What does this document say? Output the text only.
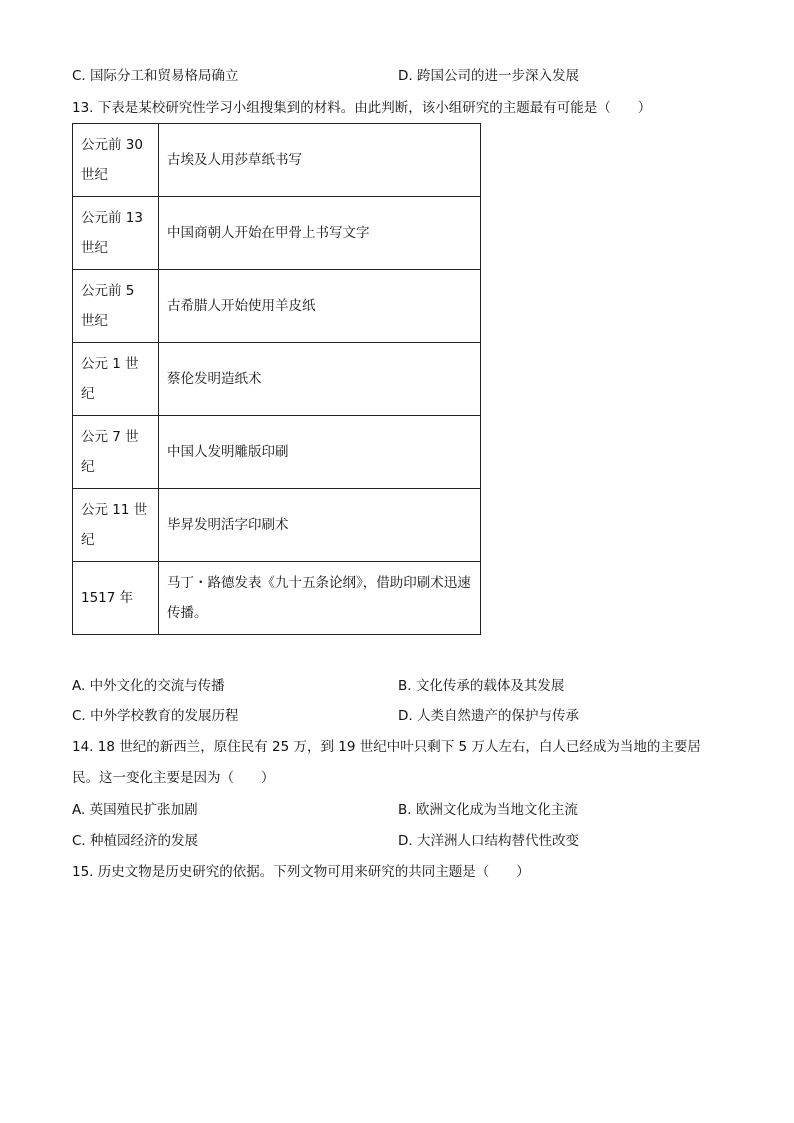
C. 国际分工和贸易格局确立	D. 跨国公司的进一步深入发展
13. 下表是某校研究性学习小组搜集到的材料。由此判断，该小组研究的主题最有可能是（　　）
公元前 30 世纪	古埃及人用莎草纸书写
公元前 13 世纪	中国商朝人开始在甲骨上书写文字
公元前 5 世纪	古希腊人开始使用羊皮纸
公元 1 世纪	蔡伦发明造纸术
公元 7 世纪	中国人发明雕版印刷
公元 11 世纪	毕昇发明活字印刷术
1517 年	马丁・路德发表《九十五条论纲》，借助印刷术迅速传播。
A. 中外文化的交流与传播	B. 文化传承的载体及其发展
C. 中外学校教育的发展历程	D. 人类自然遗产的保护与传承
14. 18 世纪的新西兰，原住民有 25 万，到 19 世纪中叶只剩下 5 万人左右，白人已经成为当地的主要居
民。这一变化主要是因为（　　）
A. 英国殖民扩张加剧	B. 欧洲文化成为当地文化主流
C. 种植园经济的发展	D. 大洋洲人口结构替代性改变
15. 历史文物是历史研究的依据。下列文物可用来研究的共同主题是（　　）
